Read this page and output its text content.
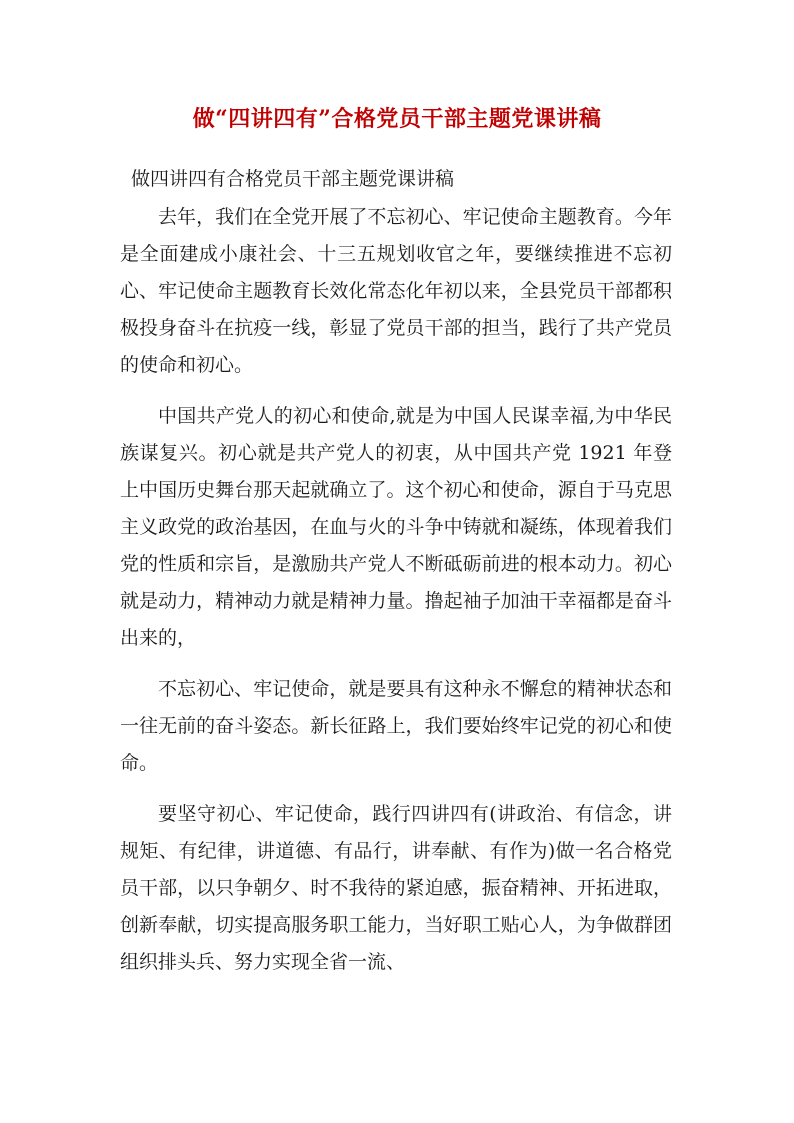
做“四讲四有”合格党员干部主题党课讲稿
做四讲四有合格党员干部主题党课讲稿

去年，我们在全党开展了不忘初心、牢记使命主题教育。今年是全面建成小康社会、十三五规划收官之年，要继续推进不忘初心、牢记使命主题教育长效化常态化年初以来，全县党员干部都积极投身奋斗在抗疫一线，彰显了党员干部的担当，践行了共产党员的使命和初心。

中国共产党人的初心和使命,就是为中国人民谋幸福,为中华民族谋复兴。初心就是共产党人的初衷，从中国共产党 1921 年登上中国历史舞台那天起就确立了。这个初心和使命，源自于马克思主义政党的政治基因，在血与火的斗争中铸就和凝练，体现着我们党的性质和宗旨，是激励共产党人不断砥砺前进的根本动力。初心就是动力，精神动力就是精神力量。撸起袖子加油干幸福都是奋斗出来的，

不忘初心、牢记使命，就是要具有这种永不懈怠的精神状态和一往无前的奋斗姿态。新长征路上，我们要始终牢记党的初心和使命。

要坚守初心、牢记使命，践行四讲四有(讲政治、有信念，讲规矩、有纪律，讲道德、有品行，讲奉献、有作为)做一名合格党员干部，以只争朝夕、时不我待的紧迫感，振奋精神、开拓进取，创新奉献，切实提高服务职工能力，当好职工贴心人，为争做群团组织排头兵、努力实现全省一流、
